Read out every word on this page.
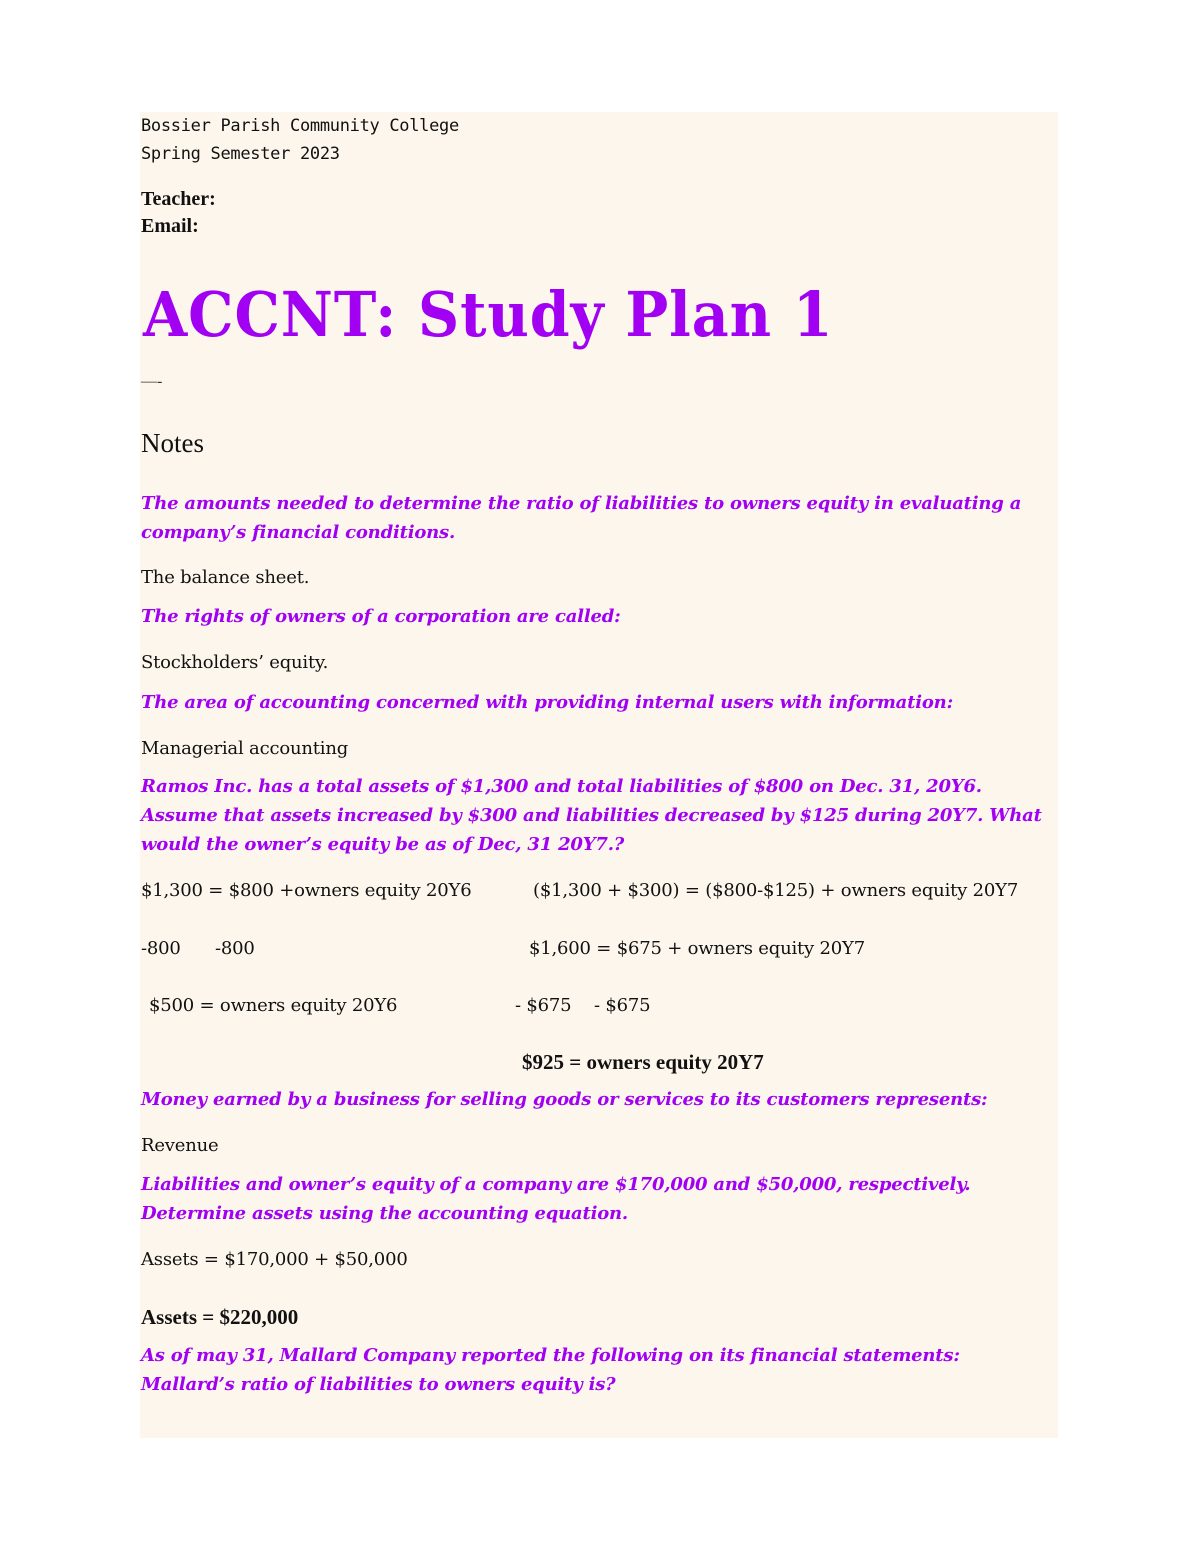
Bossier Parish Community College
Spring Semester 2023
Teacher:
Email:
ACCNT: Study Plan 1
—-
Notes
The amounts needed to determine the ratio of liabilities to owners equity in evaluating a company’s financial conditions.
The balance sheet.
The rights of owners of a corporation are called:
Stockholders’ equity.
The area of accounting concerned with providing internal users with information:
Managerial accounting
Ramos Inc. has a total assets of $1,300 and total liabilities of $800 on Dec. 31, 20Y6. Assume that assets increased by $300 and liabilities decreased by $125 during 20Y7. What would the owner’s equity be as of Dec, 31 20Y7.?
$1,300 = $800 +owners equity 20Y6	($1,300 + $300) = ($800-$125) + owners equity 20Y7
-800 -800	$1,600 = $675 + owners equity 20Y7
$500 = owners equity 20Y6	- $675 - $675
$925 = owners equity 20Y7
Money earned by a business for selling goods or services to its customers represents:
Revenue
Liabilities and owner’s equity of a company are $170,000 and $50,000, respectively. Determine assets using the accounting equation.
Assets = $170,000 + $50,000
Assets = $220,000
As of may 31, Mallard Company reported the following on its financial statements: Mallard’s ratio of liabilities to owners equity is?
